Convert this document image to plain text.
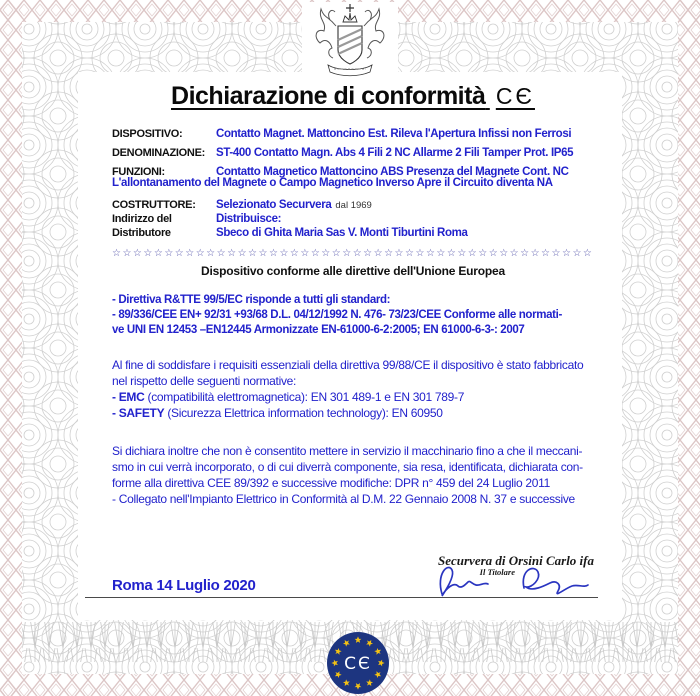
Dichiarazione di conformità CЄ
DISPOSITIVO:	Contatto Magnet. Mattoncino Est. Rileva l'Apertura Infissi non Ferrosi
DENOMINAZIONE: ST-400 Contatto Magn. Abs 4 Fili 2 NC Allarme 2 Fili Tamper Prot. IP65
FUNZIONI:	Contatto Magnetico Mattoncino ABS Presenza del Magnete Cont. NC
L'allontanamento del Magnete o Campo Magnetico Inverso Apre il Circuito diventa NA
COSTRUTTORE:	Selezionato Securvera dal 1969
Indirizzo del	Distribuisce:
Distributore	Sbeco di Ghita Maria Sas V. Monti Tiburtini Roma
☆☆☆☆☆☆☆☆☆☆☆☆☆☆☆☆☆☆☆☆☆☆☆☆☆☆☆☆☆☆☆☆☆☆☆☆☆☆☆☆☆☆☆☆☆☆
Dispositivo conforme alle direttive dell'Unione Europea
- Direttiva R&TTE 99/5/EC risponde a tutti gli standard:
- 89/336/CEE EN+ 92/31 +93/68 D.L. 04/12/1992 N. 476- 73/23/CEE Conforme alle normati-
ve UNI EN 12453 –EN12445 Armonizzate EN-61000-6-2:2005; EN 61000-6-3-: 2007
Al fine di soddisfare i requisiti essenziali della direttiva 99/88/CE il dispositivo è stato fabbricato
nel rispetto delle seguenti normative:
- EMC (compatibilità elettromagnetica): EN 301 489-1 e EN 301 789-7
- SAFETY (Sicurezza Elettrica information technology): EN 60950
Si dichiara inoltre che non è consentito mettere in servizio il macchinario fino a che il meccani-
smo in cui verrà incorporato, o di cui diverrà componente, sia resa, identificata, dichiarata con-
forme alla direttiva CEE 89/392 e successive modifiche: DPR n° 459 del 24 Luglio 2011
- Collegato nell'Impianto Elettrico in Conformità al D.M. 22 Gennaio 2008 N. 37 e successive
Roma 14 Luglio 2020
Securvera di Orsini Carlo ifa
Il Titolare
CЄ
